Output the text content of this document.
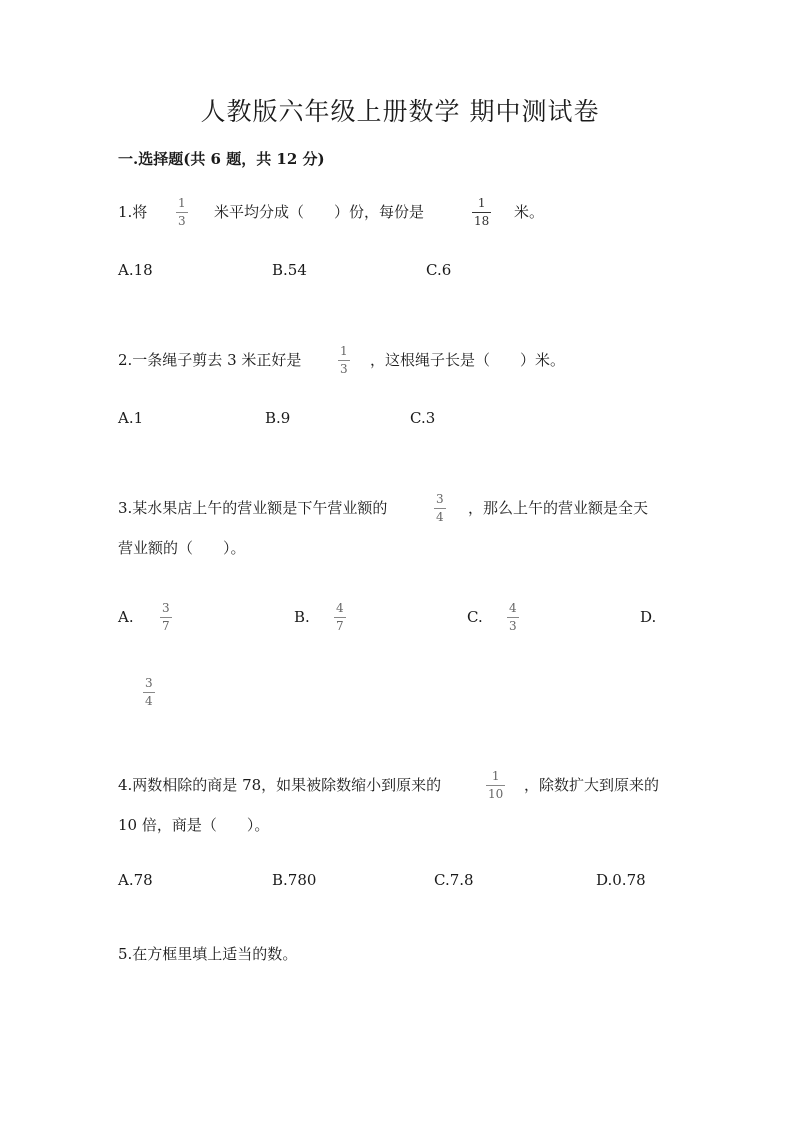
人教版六年级上册数学 期中测试卷
一.选择题(共 6 题，共 12 分)
1.将	1
3 米平均分成（　　）份，每份是	1
18 米。
A.18	B.54	C.6
2.一条绳子剪去 3 米正好是	1
3 ，这根绳子长是（　　）米。
A.1	B.9	C.3
3.某水果店上午的营业额是下午营业额的	3
4 ，那么上午的营业额是全天
营业额的（　　）。
A. 3
7	B. 4
7	C. 4
3	D.
3
4
4.两数相除的商是 78，如果被除数缩小到原来的	1
10 ，除数扩大到原来的
10 倍，商是（　　）。
A.78	B.780	C.7.8	D.0.78
5.在方框里填上适当的数。
